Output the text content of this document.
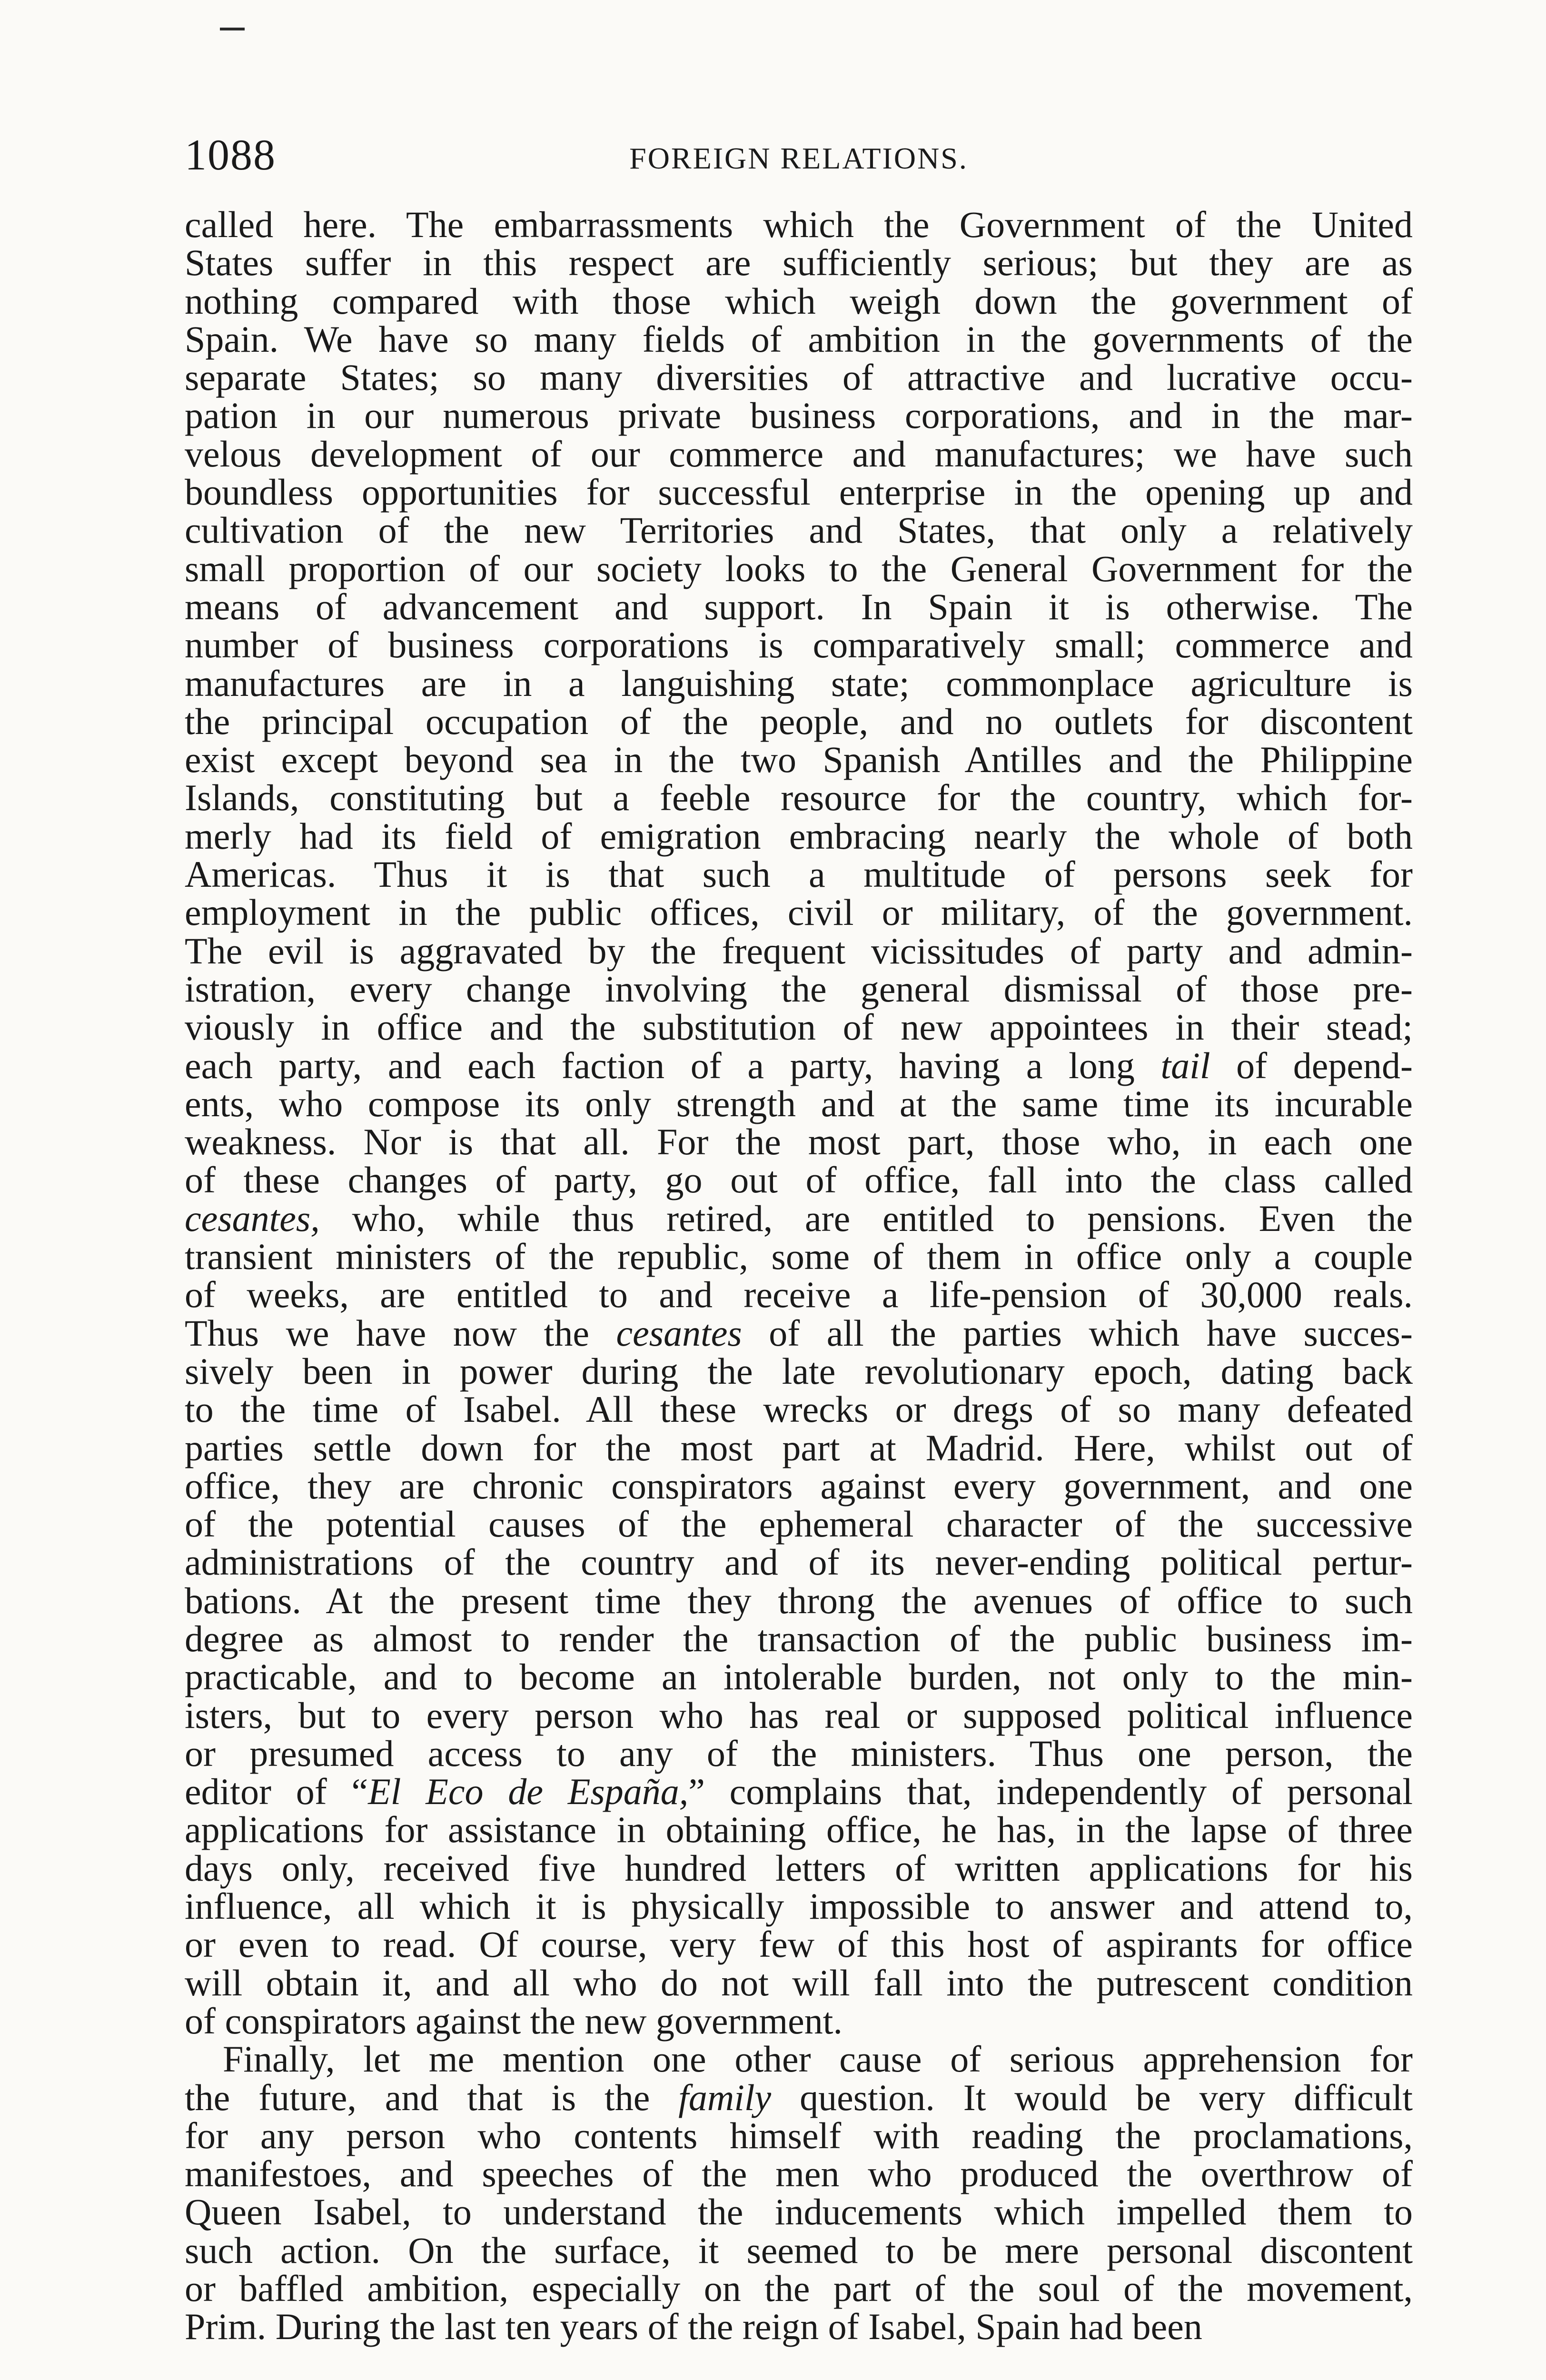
1088	FOREIGN RELATIONS.
called here. The embarrassments which the Government of the United
States suffer in this respect are sufficiently serious; but they are as
nothing compared with those which weigh down the government of
Spain. We have so many fields of ambition in the governments of the
separate States; so many diversities of attractive and lucrative occu-
pation in our numerous private business corporations, and in the mar-
velous development of our commerce and manufactures; we have such
boundless opportunities for successful enterprise in the opening up and
cultivation of the new Territories and States, that only a relatively
small proportion of our society looks to the General Government for the
means of advancement and support. In Spain it is otherwise. The
number of business corporations is comparatively small; commerce and
manufactures are in a languishing state; commonplace agriculture is
the principal occupation of the people, and no outlets for discontent
exist except beyond sea in the two Spanish Antilles and the Philippine
Islands, constituting but a feeble resource for the country, which for-
merly had its field of emigration embracing nearly the whole of both
Americas. Thus it is that such a multitude of persons seek for
employment in the public offices, civil or military, of the government.
The evil is aggravated by the frequent vicissitudes of party and admin-
istration, every change involving the general dismissal of those pre-
viously in office and the substitution of new appointees in their stead;
each party, and each faction of a party, having a long tail of depend-
ents, who compose its only strength and at the same time its incurable
weakness. Nor is that all. For the most part, those who, in each one
of these changes of party, go out of office, fall into the class called
cesantes, who, while thus retired, are entitled to pensions. Even the
transient ministers of the republic, some of them in office only a couple
of weeks, are entitled to and receive a life-pension of 30,000 reals.
Thus we have now the cesantes of all the parties which have succes-
sively been in power during the late revolutionary epoch, dating back
to the time of Isabel. All these wrecks or dregs of so many defeated
parties settle down for the most part at Madrid. Here, whilst out of
office, they are chronic conspirators against every government, and one
of the potential causes of the ephemeral character of the successive
administrations of the country and of its never-ending political pertur-
bations. At the present time they throng the avenues of office to such
degree as almost to render the transaction of the public business im-
practicable, and to become an intolerable burden, not only to the min-
isters, but to every person who has real or supposed political influence
or presumed access to any of the ministers. Thus one person, the
editor of “El Eco de España,” complains that, independently of personal
applications for assistance in obtaining office, he has, in the lapse of three
days only, received five hundred letters of written applications for his
influence, all which it is physically impossible to answer and attend to,
or even to read. Of course, very few of this host of aspirants for office
will obtain it, and all who do not will fall into the putrescent condition
of conspirators against the new government.
Finally, let me mention one other cause of serious apprehension for
the future, and that is the family question. It would be very difficult
for any person who contents himself with reading the proclamations,
manifestoes, and speeches of the men who produced the overthrow of
Queen Isabel, to understand the inducements which impelled them to
such action. On the surface, it seemed to be mere personal discontent
or baffled ambition, especially on the part of the soul of the movement,
Prim. During the last ten years of the reign of Isabel, Spain had been
